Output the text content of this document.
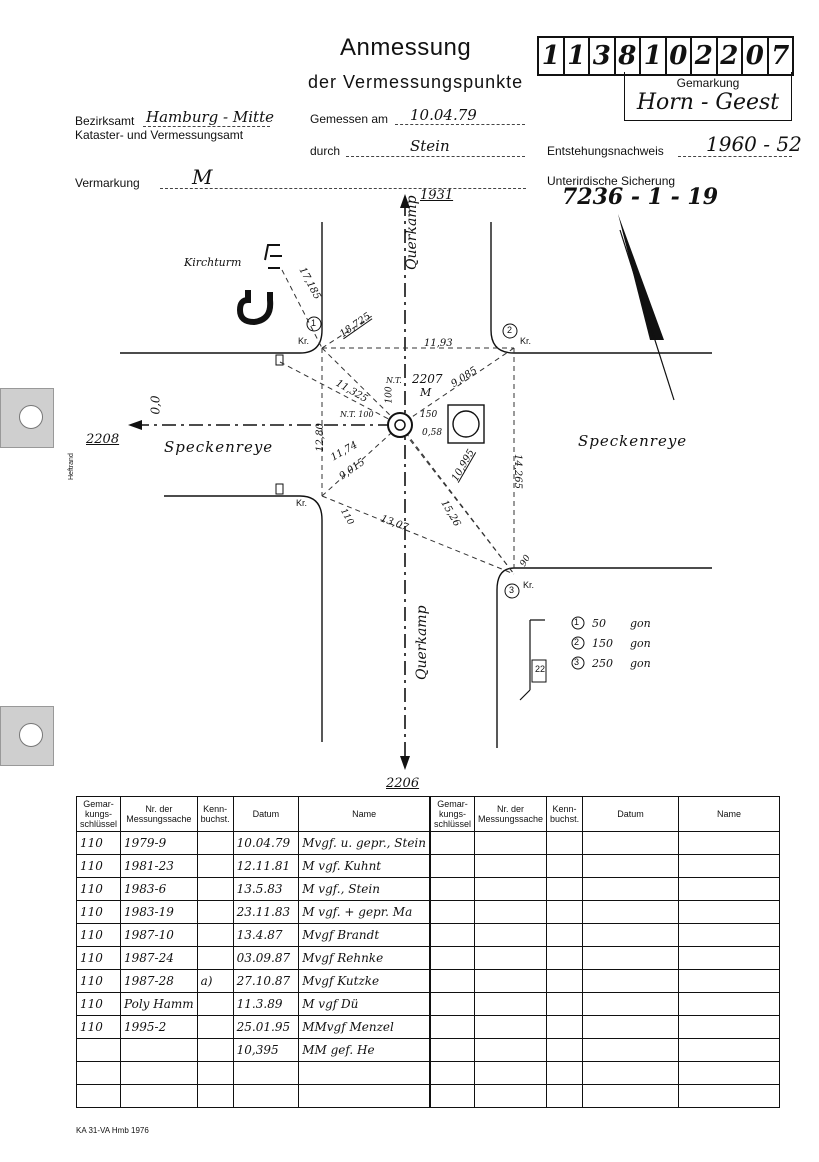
Anmessung
der Vermessungspunkte
1 1 3 8 1 0 2 2 0 7
Gemarkung
Horn - Geest
Bezirksamt Hamburg - Mitte
Kataster- und Vermessungsamt
Gemessen am 10.04.79
durch	Stein	Entstehungsnachweis 1960 - 52
Vermarkung	M	Unterirdische Sicherung
7236 - 1 - 19
1931
2206
2208
0,0
Querkamp
Querkamp
Speckenreye	Speckenreye
2207
M
Kirchturm
Kr.	Kr.
Kr.
Kr.
1
2
3
17,185
18,725
11,93
9,085
11,325 100
N.T.
N.T. 100	150
0,58
12,80 11,74
9,015	10,995	14,265
15,26
13,07
110
90
50 gon
150 gon
250 gon
1
2
3
22
Heftrand
Gemar-kungs-schlüssel	Nr. der Messungssache	Kenn-buchst.	Datum	Name
110	1979-9		10.04.79	Mvgf. u. gepr., Stein
110	1981-23		12.11.81	M vgf. Kuhnt
110	1983-6		13.5.83	M vgf., Stein
110	1983-19		23.11.83	M vgf. + gepr. Ma
110	1987-10		13.4.87	Mvgf Brandt
110	1987-24		03.09.87	Mvgf Rehnke
110	1987-28	a)	27.10.87	Mvgf Kutzke
110	Poly Hamm		11.3.89	M vgf Dü
110	1995-2		25.01.95	MMvgf Menzel
			10,395	MM gef. He

Gemar-kungs-schlüssel	Nr. der Messungssache	Kenn-buchst.	Datum	Name

KA 31-VA Hmb 1976
